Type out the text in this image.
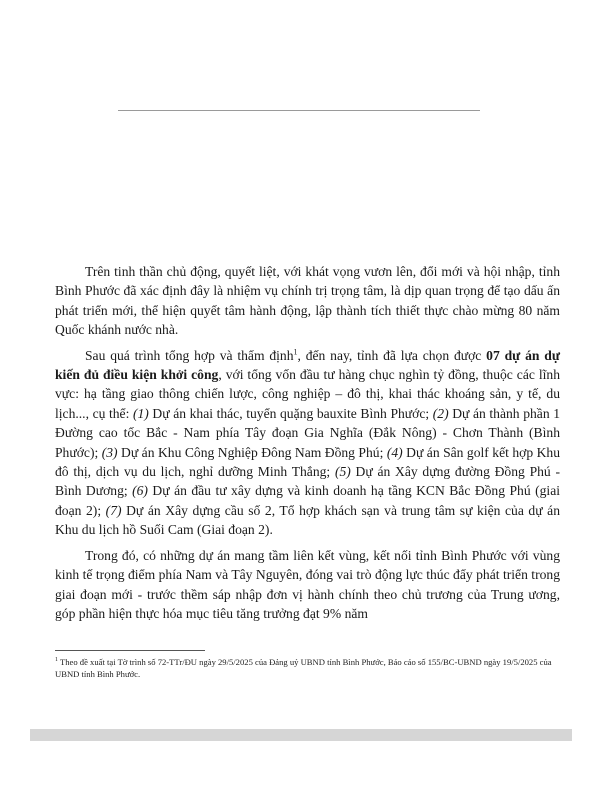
Trên tinh thần chủ động, quyết liệt, với khát vọng vươn lên, đổi mới và hội nhập, tỉnh Bình Phước đã xác định đây là nhiệm vụ chính trị trọng tâm, là dịp quan trọng để tạo dấu ấn phát triển mới, thể hiện quyết tâm hành động, lập thành tích thiết thực chào mừng 80 năm Quốc khánh nước nhà.

Sau quá trình tổng hợp và thẩm định$^1$, đến nay, tỉnh đã lựa chọn được 07 dự án dự kiến đủ điều kiện khởi công, với tổng vốn đầu tư hàng chục nghìn tỷ đồng, thuộc các lĩnh vực: hạ tầng giao thông chiến lược, công nghiệp – đô thị, khai thác khoáng sản, y tế, du lịch..., cụ thể: (1) Dự án khai thác, tuyển quặng bauxite Bình Phước; (2) Dự án thành phần 1 Đường cao tốc Bắc - Nam phía Tây đoạn Gia Nghĩa (Đắk Nông) - Chơn Thành (Bình Phước); (3) Dự án Khu Công Nghiệp Đông Nam Đồng Phú; (4) Dự án Sân golf kết hợp Khu đô thị, dịch vụ du lịch, nghỉ dưỡng Minh Thắng; (5) Dự án Xây dựng đường Đồng Phú - Bình Dương; (6) Dự án đầu tư xây dựng và kinh doanh hạ tầng KCN Bắc Đồng Phú (giai đoạn 2); (7) Dự án Xây dựng cầu số 2, Tổ hợp khách sạn và trung tâm sự kiện của dự án Khu du lịch hồ Suối Cam (Giai đoạn 2).

Trong đó, có những dự án mang tầm liên kết vùng, kết nối tỉnh Bình Phước với vùng kinh tế trọng điểm phía Nam và Tây Nguyên, đóng vai trò động lực thúc đẩy phát triển trong giai đoạn mới - trước thềm sáp nhập đơn vị hành chính theo chủ trương của Trung ương, góp phần hiện thực hóa mục tiêu tăng trưởng đạt 9% năm

$^1$ Theo đề xuất tại Tờ trình số 72-TTr/ĐU ngày 29/5/2025 của Đảng uỷ UBND tỉnh Bình Phước, Báo cáo số 155/BC-UBND ngày 19/5/2025 của UBND tỉnh Bình Phước.
